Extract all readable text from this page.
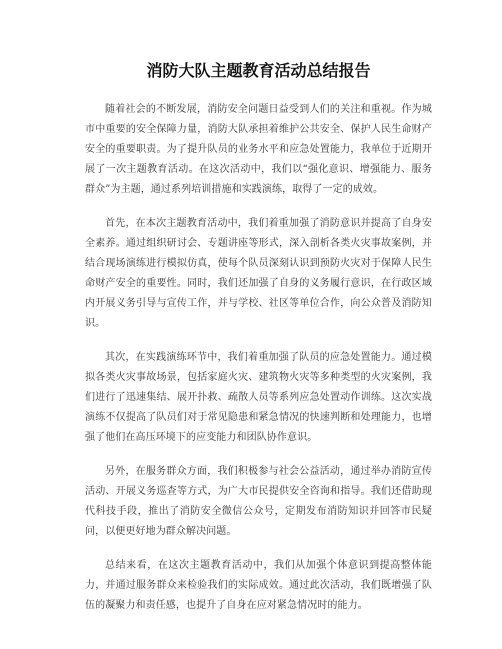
消防大队主题教育活动总结报告

随着社会的不断发展，消防安全问题日益受到人们的关注和重视。作为城市中重要的安全保障力量，消防大队承担着维护公共安全、保护人民生命财产安全的重要职责。为了提升队员的业务水平和应急处置能力，我单位于近期开展了一次主题教育活动。在这次活动中，我们以“强化意识、增强能力、服务群众”为主题，通过系列培训措施和实践演练，取得了一定的成效。

首先，在本次主题教育活动中，我们着重加强了消防意识并提高了自身安全素养。通过组织研讨会、专题讲座等形式，深入剖析各类火灾事故案例，并结合现场演练进行模拟仿真，使每个队员深刻认识到预防火灾对于保障人民生命财产安全的重要性。同时，我们还加强了自身的义务履行意识，在行政区域内开展义务引导与宣传工作，并与学校、社区等单位合作，向公众普及消防知识。

其次，在实践演练环节中，我们着重加强了队员的应急处置能力。通过模拟各类火灾事故场景，包括家庭火灾、建筑物火灾等多种类型的火灾案例，我们进行了迅速集结、展开扑救、疏散人员等系列应急处置动作训练。这次实战演练不仅提高了队员们对于常见隐患和紧急情况的快速判断和处理能力，也增强了他们在高压环境下的应变能力和团队协作意识。

另外，在服务群众方面，我们积极参与社会公益活动，通过举办消防宣传活动、开展义务巡查等方式，为广大市民提供安全咨询和指导。我们还借助现代科技手段，推出了消防安全微信公众号，定期发布消防知识并回答市民疑问，以便更好地为群众解决问题。

总结来看，在这次主题教育活动中，我们从加强个体意识到提高整体能力，并通过服务群众来检验我们的实际成效。通过此次活动，我们既增强了队伍的凝聚力和责任感，也提升了自身在应对紧急情况时的能力。
